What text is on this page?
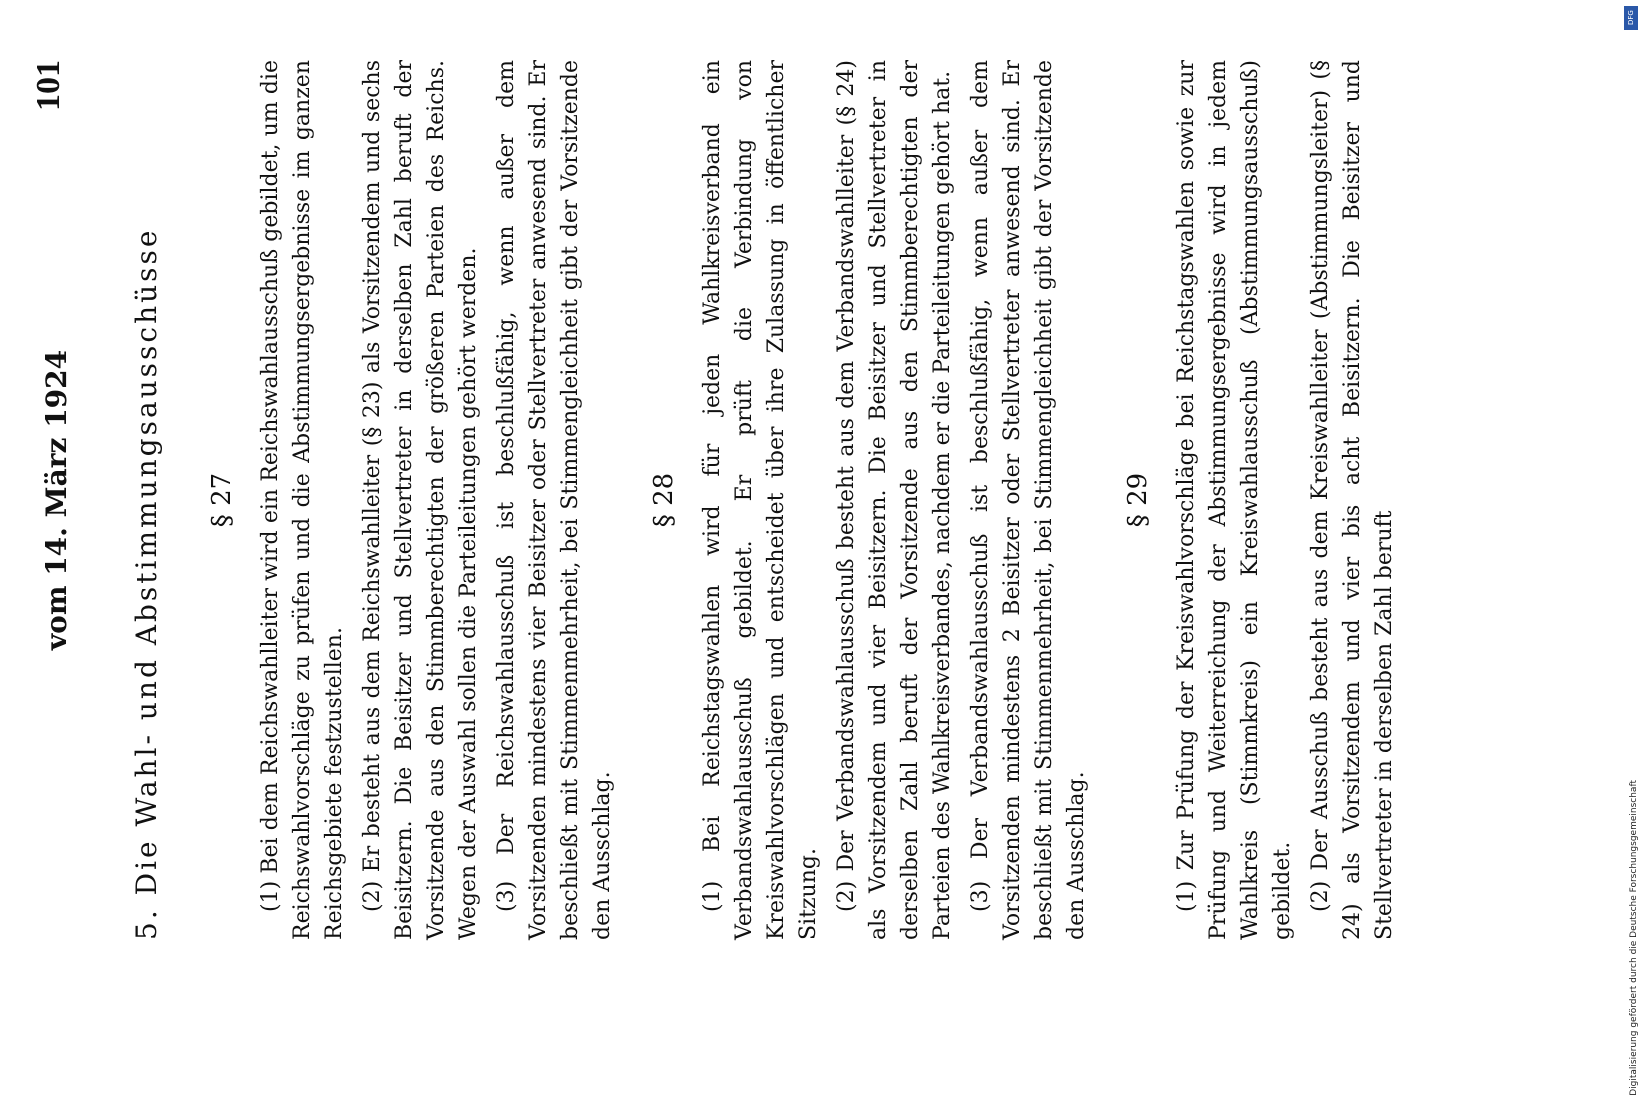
vom 14. März 1924
101
5. Die Wahl- und Abstimmungsausschüsse § 27 (1) Bei dem Reichswahlleiter wird ein Reichswahlausschuß gebildet, um die Reichswahlvorschläge zu prüfen und die Abstimmungsergebnisse im ganzen Reichsgebiete festzustellen. (2) Er besteht aus dem Reichswahlleiter (§ 23) als Vorsitzendem und sechs Beisitzern. Die Beisitzer und Stellvertreter in derselben Zahl beruft der Vorsitzende aus den Stimmberechtigten der größeren Parteien des Reichs. Wegen der Auswahl sollen die Parteileitungen gehört werden. (3) Der Reichswahlausschuß ist beschlußfähig, wenn außer dem Vorsitzenden mindestens vier Beisitzer oder Stellvertreter anwesend sind. Er beschließt mit Stimmenmehrheit, bei Stimmengleichheit gibt der Vorsitzende den Ausschlag.

§ 28 (1) Bei Reichstagswahlen wird für jeden Wahlkreisverband ein Verbandswahlausschuß gebildet. Er prüft die Verbindung von Kreiswahlvorschlägen und entscheidet über ihre Zulassung in öffentlicher Sitzung. (2) Der Verbandswahlausschuß besteht aus dem Verbandswahlleiter (§ 24) als Vorsitzendem und vier Beisitzern. Die Beisitzer und Stellvertreter in derselben Zahl beruft der Vorsitzende aus den Stimmberechtigten der Parteien des Wahlkreisverbandes, nachdem er die Parteileitungen gehört hat. (3) Der Verbandswahlausschuß ist beschlußfähig, wenn außer dem Vorsitzenden mindestens 2 Beisitzer oder Stellvertreter anwesend sind. Er beschließt mit Stimmenmehrheit, bei Stimmengleichheit gibt der Vorsitzende den Ausschlag.

§ 29 (1) Zur Prüfung der Kreiswahlvorschläge bei Reichstagswahlen sowie zur Prüfung und Weiterreichung der Abstimmungsergebnisse wird in jedem Wahlkreis (Stimmkreis) ein Kreiswahlausschuß (Abstimmungsausschuß) gebildet. (2) Der Ausschuß besteht aus dem Kreiswahlleiter (Abstimmungsleiter) (§ 24) als Vorsitzendem und vier bis acht Beisitzern. Die Beisitzer und Stellvertreter in derselben Zahl beruft

DFG
Digitalisierung gefördert durch die Deutsche Forschungsgemeinschaft
